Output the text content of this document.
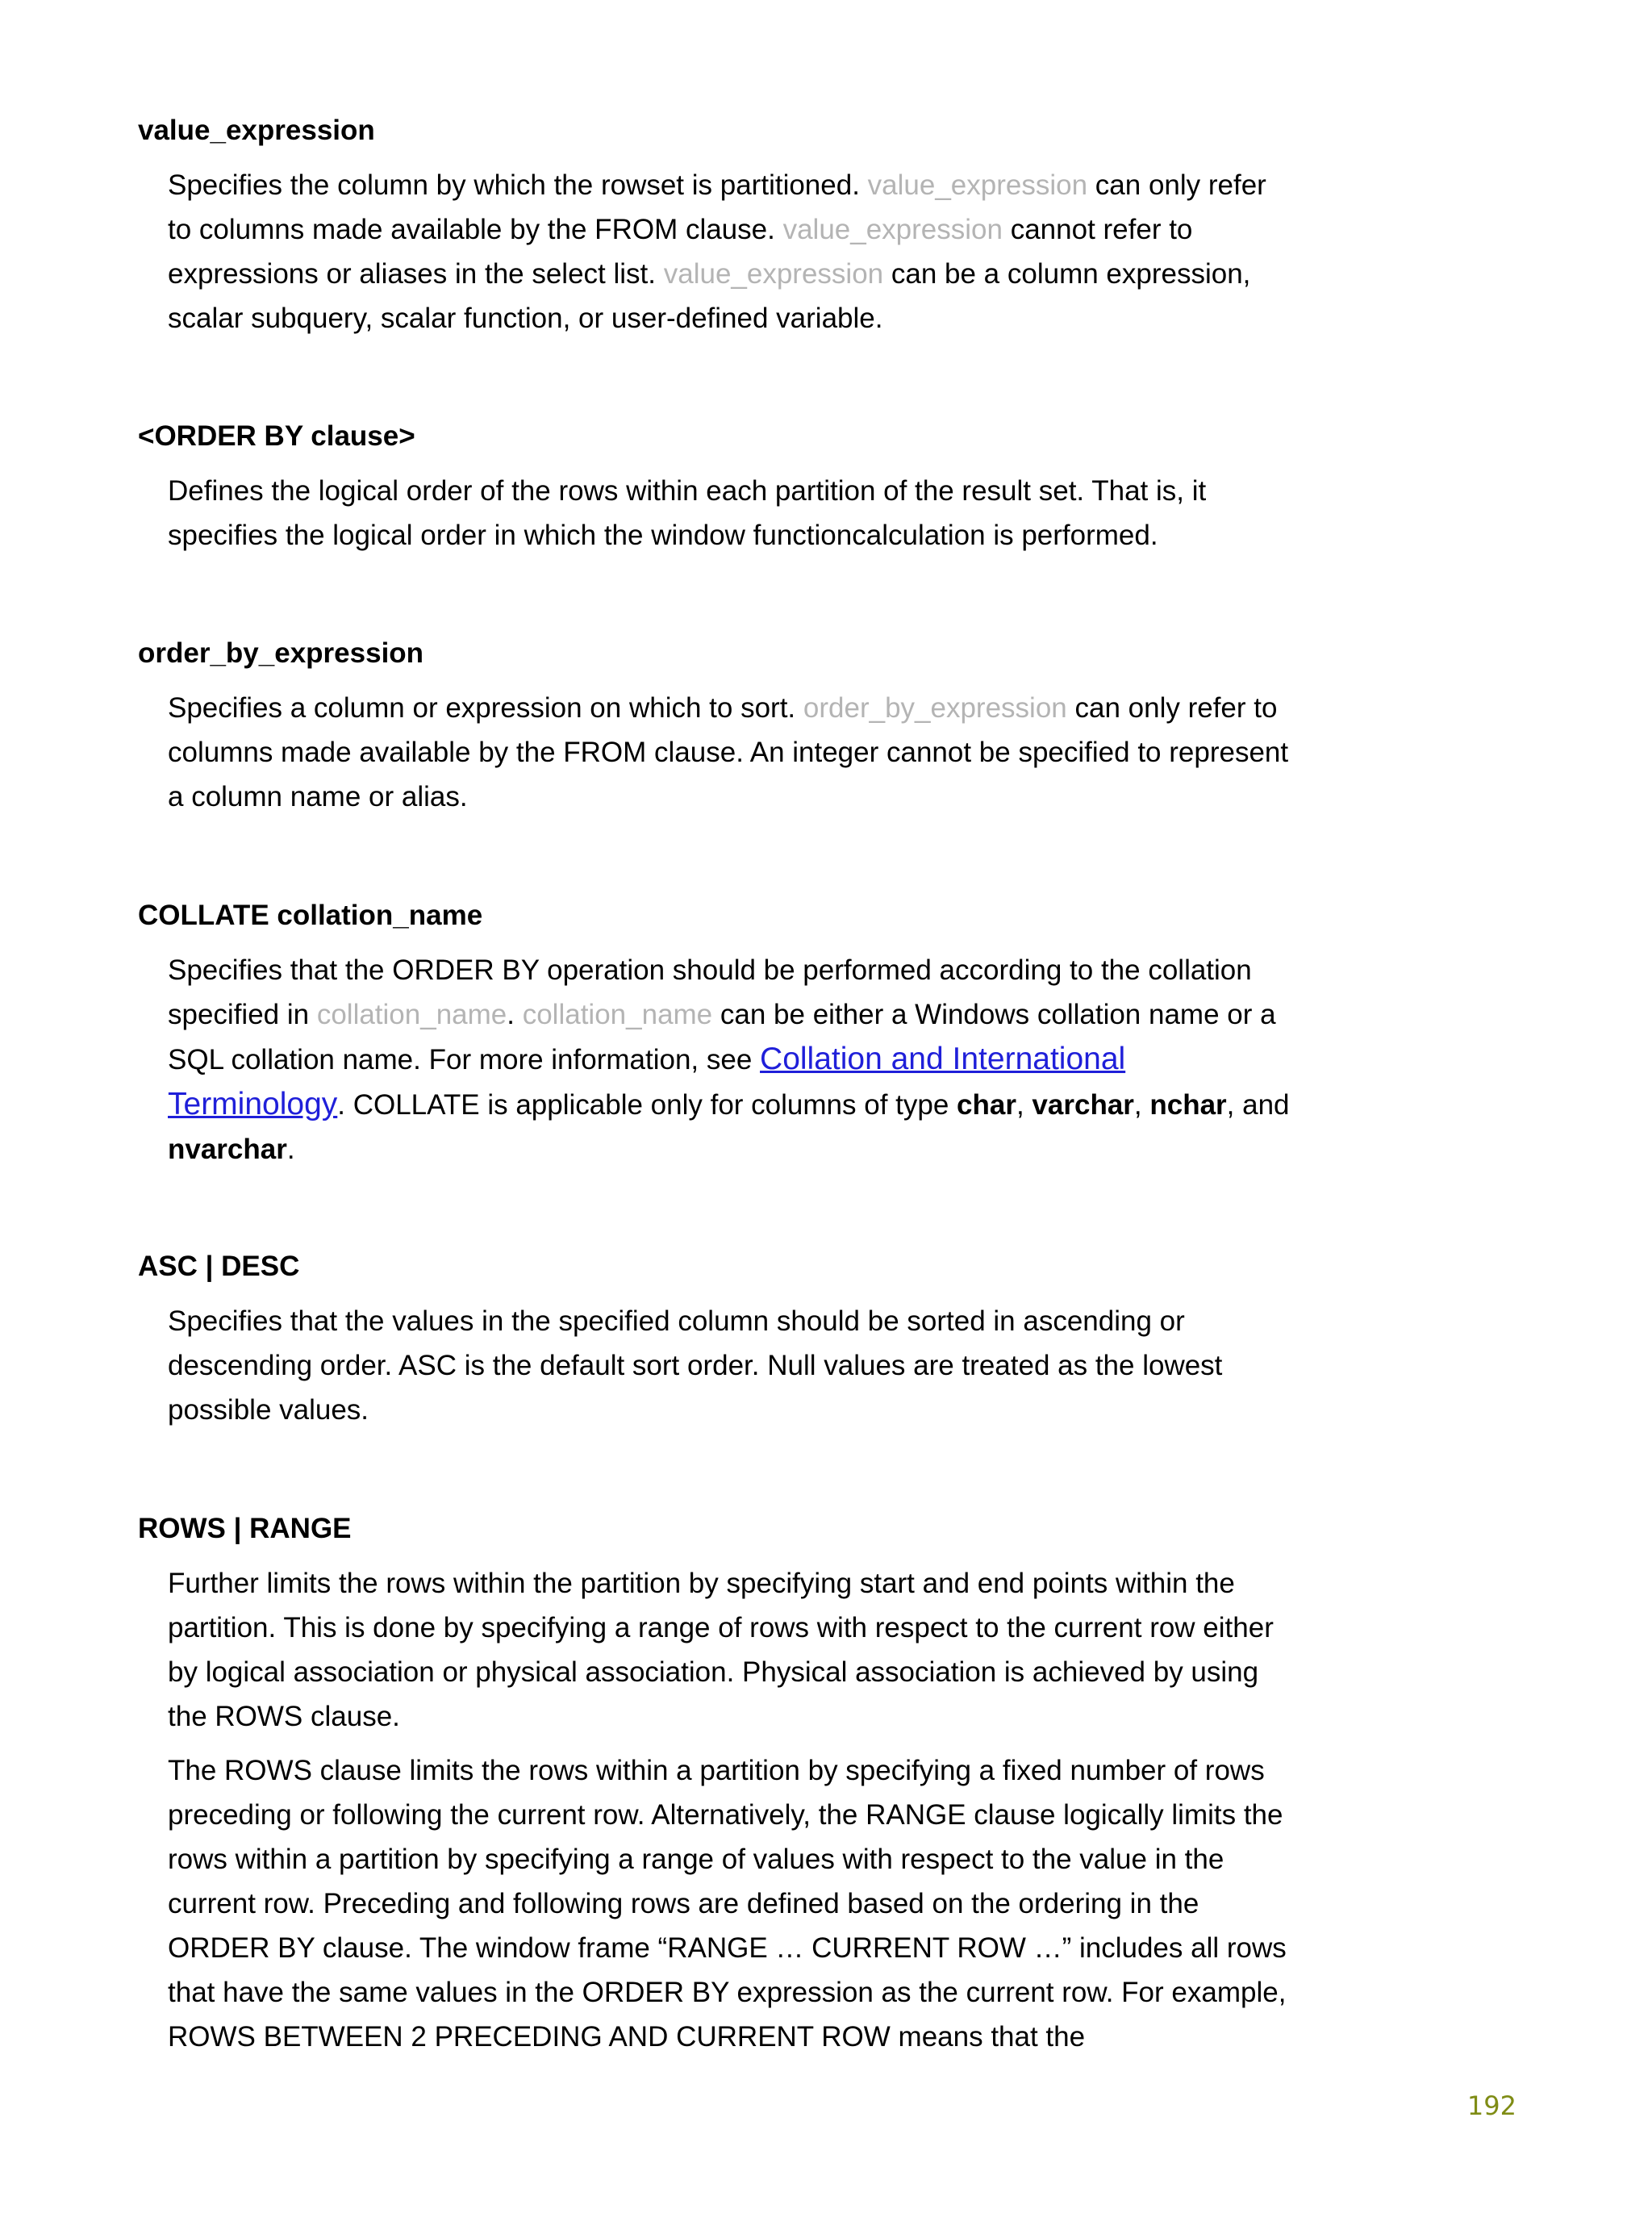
value_expression

Specifies the column by which the rowset is partitioned. value_expression can only refer to columns made available by the FROM clause. value_expression cannot refer to expressions or aliases in the select list. value_expression can be a column expression, scalar subquery, scalar function, or user-defined variable.

<ORDER BY clause>

Defines the logical order of the rows within each partition of the result set. That is, it specifies the logical order in which the window functioncalculation is performed.

order_by_expression

Specifies a column or expression on which to sort. order_by_expression can only refer to columns made available by the FROM clause. An integer cannot be specified to represent a column name or alias.

COLLATE collation_name

Specifies that the ORDER BY operation should be performed according to the collation specified in collation_name. collation_name can be either a Windows collation name or a SQL collation name. For more information, see Collation and International Terminology. COLLATE is applicable only for columns of type char, varchar, nchar, and nvarchar.

ASC | DESC

Specifies that the values in the specified column should be sorted in ascending or descending order. ASC is the default sort order. Null values are treated as the lowest possible values.

ROWS | RANGE

Further limits the rows within the partition by specifying start and end points within the partition. This is done by specifying a range of rows with respect to the current row either by logical association or physical association. Physical association is achieved by using the ROWS clause.

The ROWS clause limits the rows within a partition by specifying a fixed number of rows preceding or following the current row. Alternatively, the RANGE clause logically limits the rows within a partition by specifying a range of values with respect to the value in the current row. Preceding and following rows are defined based on the ordering in the ORDER BY clause. The window frame “RANGE … CURRENT ROW …” includes all rows that have the same values in the ORDER BY expression as the current row. For example, ROWS BETWEEN 2 PRECEDING AND CURRENT ROW means that the

192
